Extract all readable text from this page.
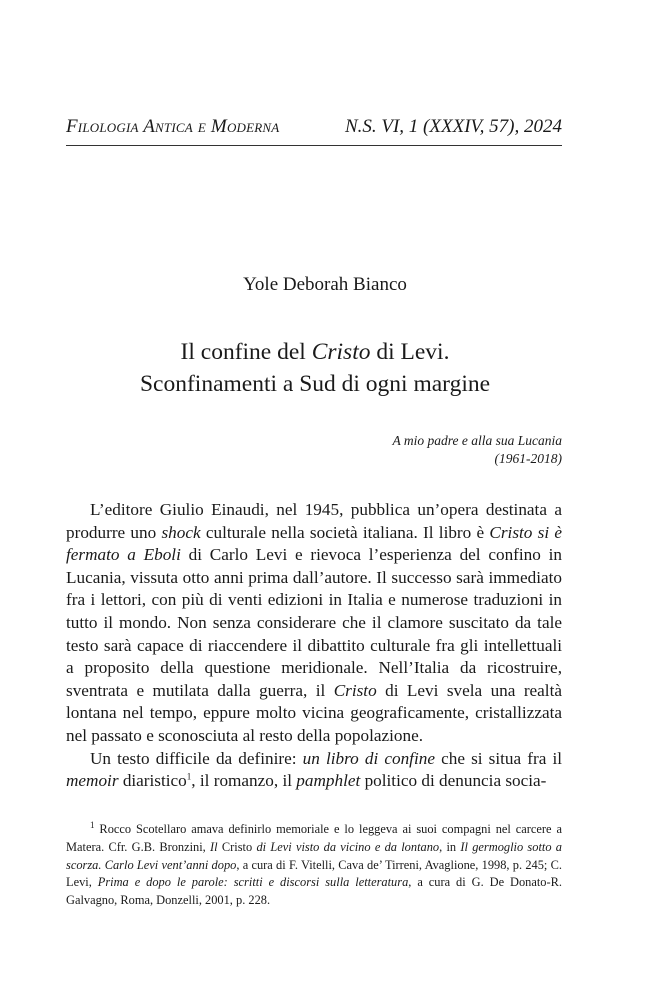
Filologia Antica e Moderna	N.S. VI, 1 (XXXIV, 57), 2024
Yole Deborah Bianco
Il confine del Cristo di Levi.
Sconfinamenti a Sud di ogni margine
A mio padre e alla sua Lucania
(1961-2018)

L’editore Giulio Einaudi, nel 1945, pubblica un’opera destinata a produrre uno shock culturale nella società italiana. Il libro è Cristo si è fermato a Eboli di Carlo Levi e rievoca l’esperienza del confino in Lucania, vissuta otto anni prima dall’autore. Il successo sarà immediato fra i lettori, con più di venti edizioni in Italia e numerose traduzioni in tutto il mondo. Non senza considerare che il clamore suscitato da tale testo sarà capace di riaccendere il dibattito culturale fra gli intellettuali a proposito della questione meridionale. Nell’Italia da ricostruire, sventrata e mutilata dalla guerra, il Cristo di Levi svela una realtà lontana nel tempo, eppure molto vicina geograficamente, cristallizzata nel passato e sconosciuta al resto della popolazione.

Un testo difficile da definire: un libro di confine che si situa fra il memoir diaristico$^1$, il romanzo, il pamphlet politico di denuncia socia-

$^1$ Rocco Scotellaro amava definirlo memoriale e lo leggeva ai suoi compagni nel carcere a Matera. Cfr. G.B. Bronzini, Il Cristo di Levi visto da vicino e da lontano, in Il germoglio sotto a scorza. Carlo Levi vent’anni dopo, a cura di F. Vitelli, Cava de’ Tirreni, Avaglione, 1998, p. 245; C. Levi, Prima e dopo le parole: scritti e discorsi sulla letteratura, a cura di G. De Donato-R. Galvagno, Roma, Donzelli, 2001, p. 228.
